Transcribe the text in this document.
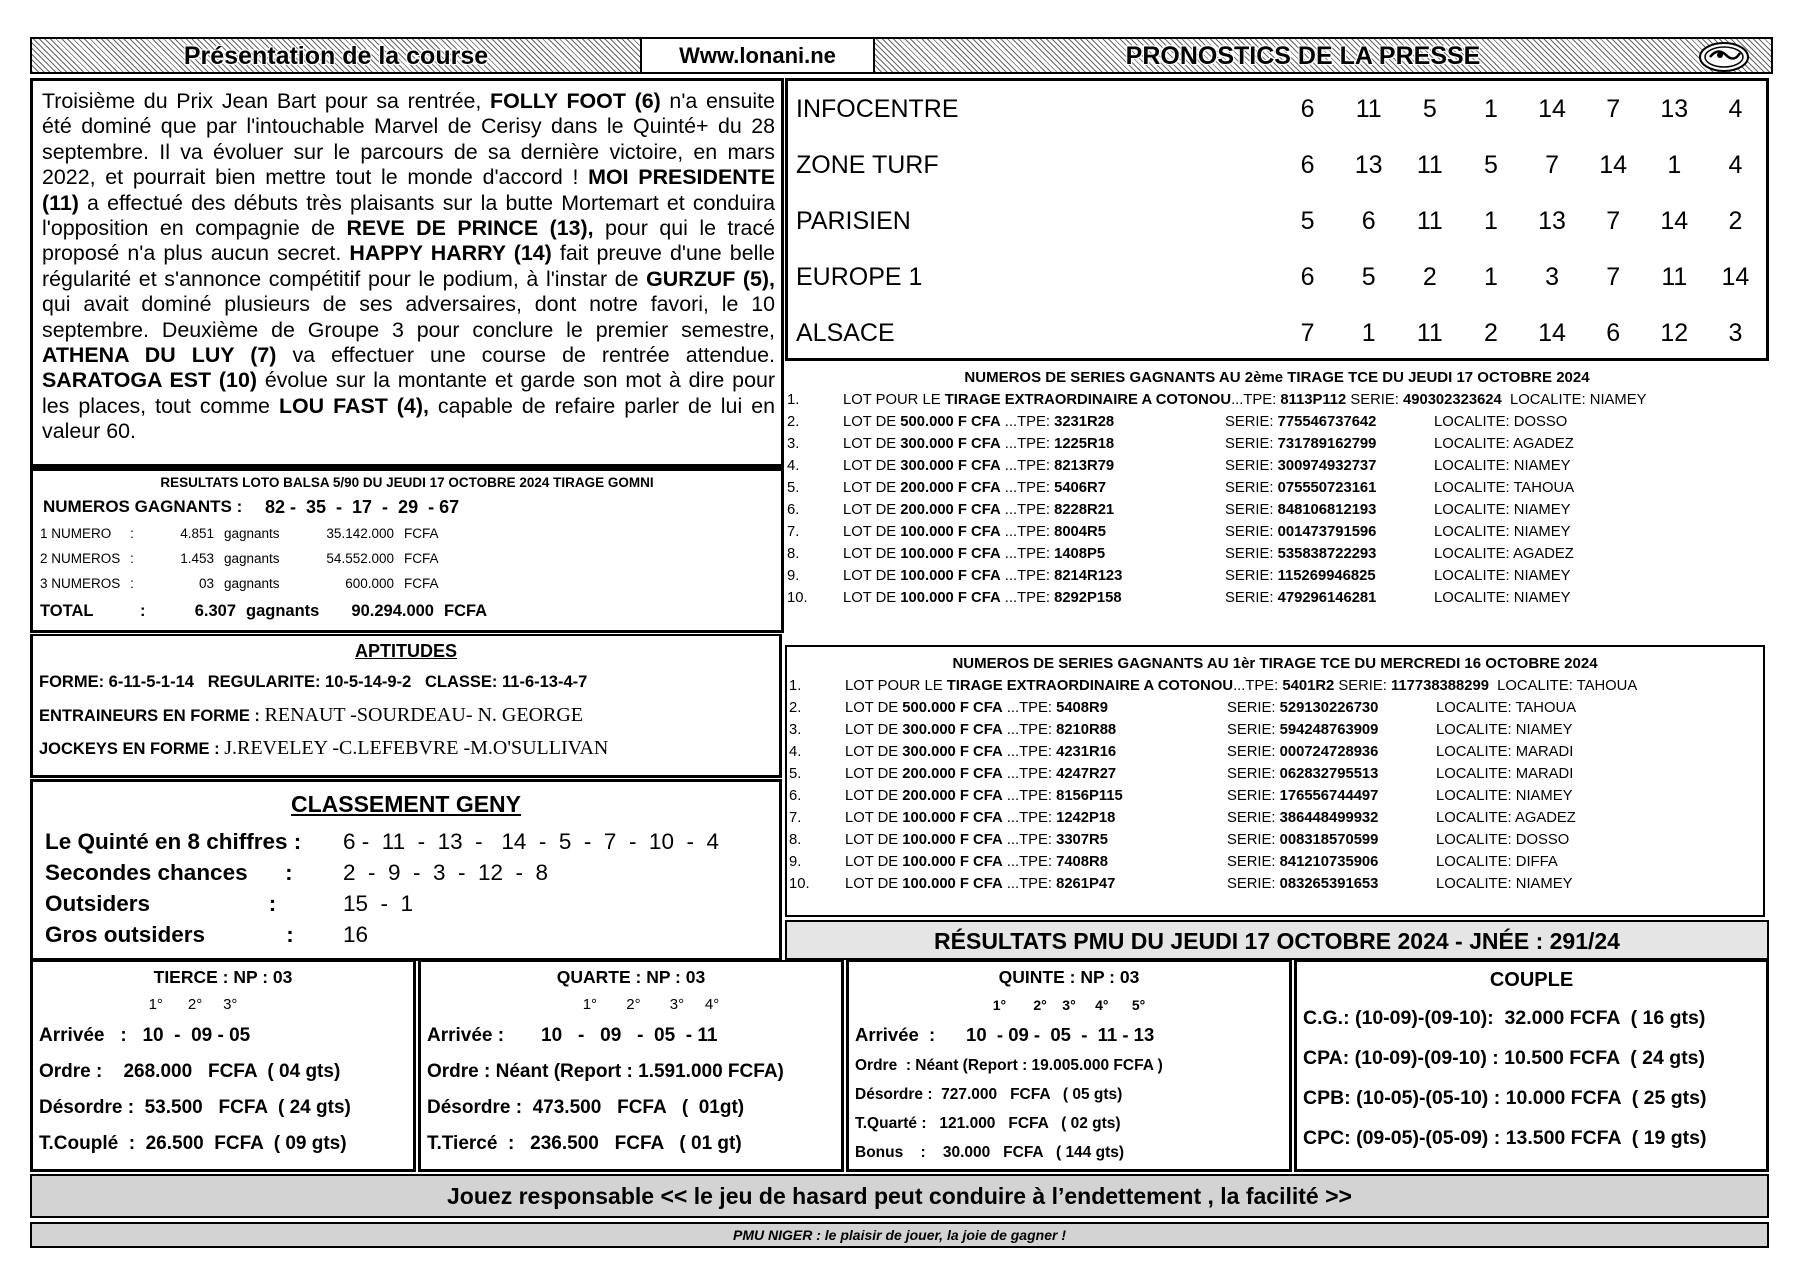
Présentation de la course	Www.lonani.ne	PRONOSTICS DE LA PRESSE
Troisième du Prix Jean Bart pour sa rentrée, FOLLY FOOT (6) n'a ensuite été dominé que par l'intouchable Marvel de Cerisy dans le Quinté+ du 28 septembre. Il va évoluer sur le parcours de sa dernière victoire, en mars 2022, et pourrait bien mettre tout le monde d'accord ! MOI PRESIDENTE (11) a effectué des débuts très plaisants sur la butte Mortemart et conduira l'opposition en compagnie de REVE DE PRINCE (13), pour qui le tracé proposé n'a plus aucun secret. HAPPY HARRY (14) fait preuve d'une belle régularité et s'annonce compétitif pour le podium, à l'instar de GURZUF (5), qui avait dominé plusieurs de ses adversaires, dont notre favori, le 10 septembre. Deuxième de Groupe 3 pour conclure le premier semestre, ATHENA DU LUY (7) va effectuer une course de rentrée attendue. SARATOGA EST (10) évolue sur la montante et garde son mot à dire pour les places, tout comme LOU FAST (4), capable de refaire parler de lui en valeur 60.
INFOCENTRE	6	11	5	1	14	7	13	4
ZONE TURF	6	13	11	5	7	14	1	4
PARISIEN	5	6	11	1	13	7	14	2
EUROPE 1	6	5	2	1	3	7	11	14
ALSACE	7	1	11	2	14	6	12	3
NUMEROS DE SERIES GAGNANTS AU 2ème TIRAGE TCE DU JEUDI 17 OCTOBRE 2024
1.	LOT POUR LE TIRAGE EXTRAORDINAIRE A COTONOU...TPE: 8113P112 SERIE: 490302323624  LOCALITE: NIAMEY
2.	LOT DE 500.000 F CFA ...TPE: 3231R28	SERIE: 775546737642	LOCALITE: DOSSO
3.	LOT DE 300.000 F CFA ...TPE: 1225R18	SERIE: 731789162799	LOCALITE: AGADEZ
4.	LOT DE 300.000 F CFA ...TPE: 8213R79	SERIE: 300974932737	LOCALITE: NIAMEY
5.	LOT DE 200.000 F CFA ...TPE: 5406R7	SERIE: 075550723161	LOCALITE: TAHOUA
6.	LOT DE 200.000 F CFA ...TPE: 8228R21	SERIE: 848106812193	LOCALITE: NIAMEY
7.	LOT DE 100.000 F CFA ...TPE: 8004R5	SERIE: 001473791596	LOCALITE: NIAMEY
8.	LOT DE 100.000 F CFA ...TPE: 1408P5	SERIE: 535838722293	LOCALITE: AGADEZ
9.	LOT DE 100.000 F CFA ...TPE: 8214R123	SERIE: 115269946825	LOCALITE: NIAMEY
10.	LOT DE 100.000 F CFA ...TPE: 8292P158	SERIE: 479296146281	LOCALITE: NIAMEY
NUMEROS DE SERIES GAGNANTS AU 1èr TIRAGE TCE DU MERCREDI 16 OCTOBRE 2024
1.	LOT POUR LE TIRAGE EXTRAORDINAIRE A COTONOU...TPE: 5401R2 SERIE: 117738388299  LOCALITE: TAHOUA
2.	LOT DE 500.000 F CFA ...TPE: 5408R9	SERIE: 529130226730	LOCALITE: TAHOUA
3.	LOT DE 300.000 F CFA ...TPE: 8210R88	SERIE: 594248763909	LOCALITE: NIAMEY
4.	LOT DE 300.000 F CFA ...TPE: 4231R16	SERIE: 000724728936	LOCALITE: MARADI
5.	LOT DE 200.000 F CFA ...TPE: 4247R27	SERIE: 062832795513	LOCALITE: MARADI
6.	LOT DE 200.000 F CFA ...TPE: 8156P115	SERIE: 176556744497	LOCALITE: NIAMEY
7.	LOT DE 100.000 F CFA ...TPE: 1242P18	SERIE: 386448499932	LOCALITE: AGADEZ
8.	LOT DE 100.000 F CFA ...TPE: 3307R5	SERIE: 008318570599	LOCALITE: DOSSO
9.	LOT DE 100.000 F CFA ...TPE: 7408R8	SERIE: 841210735906	LOCALITE: DIFFA
10.	LOT DE 100.000 F CFA ...TPE: 8261P47	SERIE: 083265391653	LOCALITE: NIAMEY
RESULTATS LOTO BALSA 5/90 DU JEUDI 17 OCTOBRE 2024 TIRAGE GOMNI
NUMEROS GAGNANTS :	82 -  35  -  17  -  29  - 67
1 NUMERO	:	4.851 gagnants	35.142.000 FCFA
2 NUMEROS :	1.453 gagnants	54.552.000 FCFA
3 NUMEROS :	03 gagnants	600.000 FCFA
TOTAL	:	6.307 gagnants	90.294.000 FCFA
APTITUDES
FORME: 6-11-5-1-14   REGULARITE: 10-5-14-9-2   CLASSE: 11-6-13-4-7
ENTRAINEURS EN FORME : RENAUT -SOURDEAU- N. GEORGE
JOCKEYS EN FORME : J.REVELEY -C.LEFEBVRE -M.O'SULLIVAN
CLASSEMENT GENY
Le Quinté en 8 chiffres :	6 -  11  -  13  -   14  -  5  -  7  -  10  -  4
Secondes chances      :	2  -  9  -  3  -  12  -  8
Outsiders                   :	15  -  1
Gros outsiders             :	16	RÉSULTATS PMU DU JEUDI 17 OCTOBRE 2024 - JNÉE : 291/24
TIERCE : NP : 03
1°      2°     3°
Arrivée   :   10  -  09 - 05
Ordre :    268.000   FCFA  ( 04 gts)
Désordre :  53.500   FCFA  ( 24 gts)
T.Couplé  :  26.500  FCFA  ( 09 gts)
QUARTE : NP : 03
1°       2°       3°     4°
Arrivée :       10   -   09   -  05  - 11
Ordre : Néant (Report : 1.591.000 FCFA)
Désordre :  473.500   FCFA   (  01gt)
T.Tiercé  :   236.500   FCFA   ( 01 gt)
QUINTE : NP : 03
1°       2°    3°     4°      5°
Arrivée  :      10  - 09 -  05  -  11 - 13
Ordre  : Néant (Report : 19.005.000 FCFA )
Désordre :  727.000   FCFA   ( 05 gts)
T.Quarté :   121.000   FCFA   ( 02 gts)
Bonus    :    30.000   FCFA   ( 144 gts)
COUPLE
C.G.: (10-09)-(09-10):  32.000 FCFA  ( 16 gts)
CPA: (10-09)-(09-10) : 10.500 FCFA  ( 24 gts)
CPB: (10-05)-(05-10) : 10.000 FCFA  ( 25 gts)
CPC: (09-05)-(05-09) : 13.500 FCFA  ( 19 gts)
Jouez responsable << le jeu de hasard peut conduire à l’endettement , la facilité >>
PMU NIGER : le plaisir de jouer, la joie de gagner !
